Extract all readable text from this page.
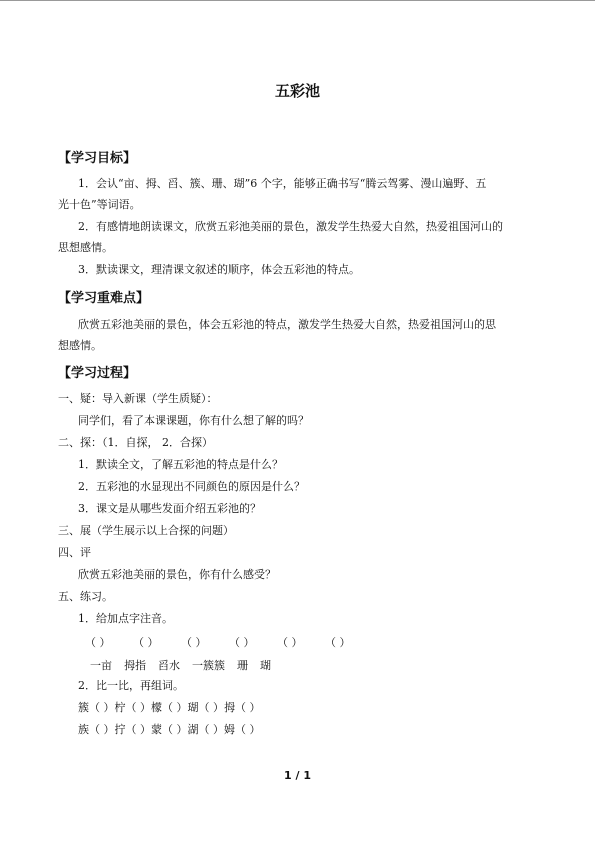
五彩池
【学习目标】
1．会认“亩、拇、舀、簇、珊、瑚”6 个字，能够正确书写“腾云驾雾、漫山遍野、五
光十色”等词语。
2．有感情地朗读课文，欣赏五彩池美丽的景色，激发学生热爱大自然，热爱祖国河山的
思想感情。
3．默读课文，理清课文叙述的顺序，体会五彩池的特点。
【学习重难点】
欣赏五彩池美丽的景色，体会五彩池的特点，激发学生热爱大自然，热爱祖国河山的思
想感情。
【学习过程】
一、疑：导入新课（学生质疑）：
同学们，看了本课课题，你有什么想了解的吗？
二、探：（1．自探， 2．合探）
1．默读全文，了解五彩池的特点是什么？
2．五彩池的水显现出不同颜色的原因是什么？
3．课文是从哪些发面介绍五彩池的？
三、展（学生展示以上合探的问题）
四、评
欣赏五彩池美丽的景色，你有什么感受？
五、练习。
1．给加点字注音。
（ ） （ ） （ ） （ ） （ ） （ ）
一亩 拇指 舀水 一簇簇 珊 瑚
2．比一比，再组词。
簇（ ）柠（ ）檬（ ）瑚（ ）拇（ ）
族（ ）拧（ ）蒙（ ）湖（ ）姆（ ）
1 / 1
